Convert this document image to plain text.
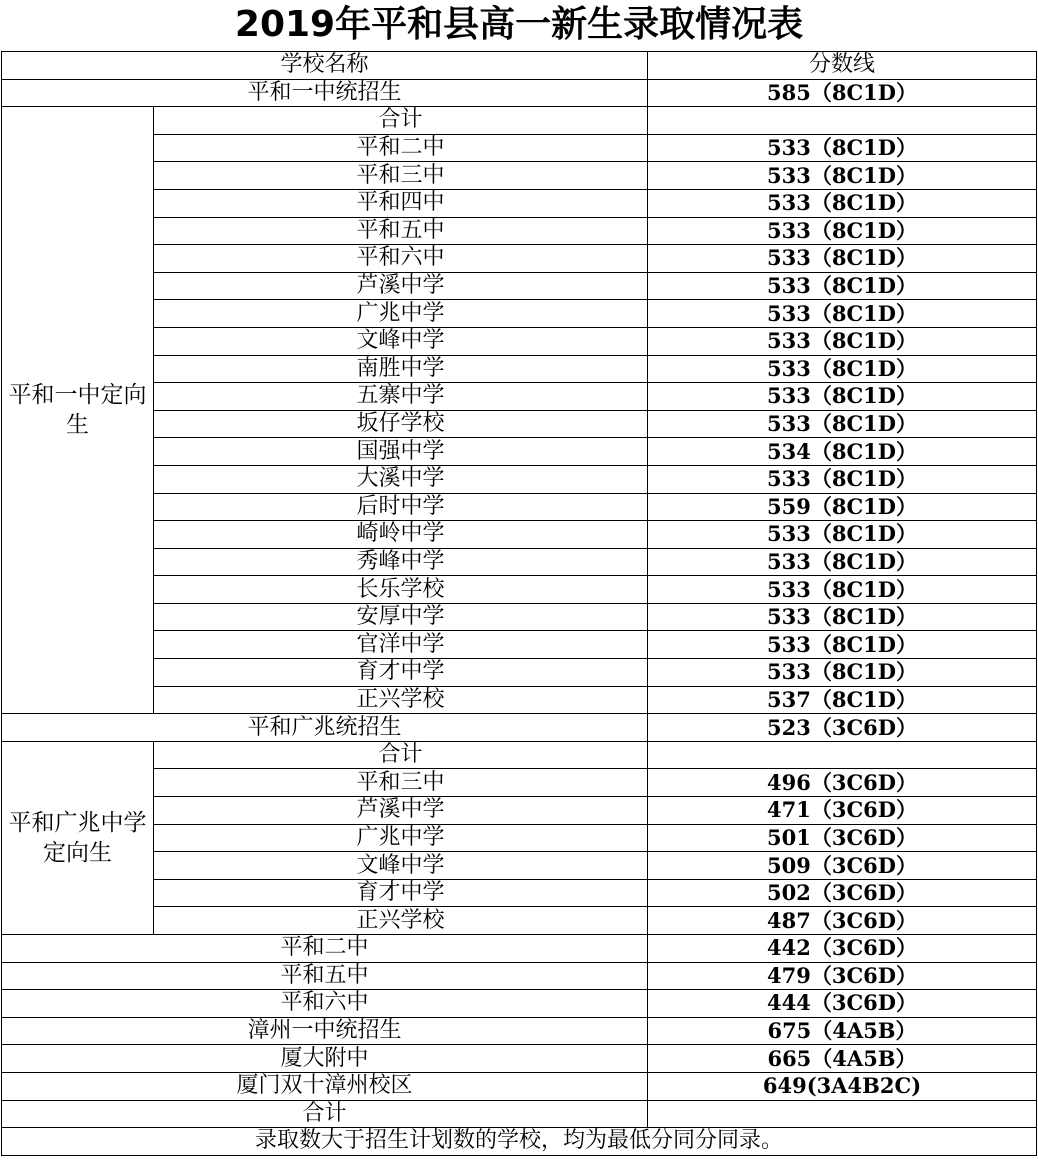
2019年平和县高一新生录取情况表
学校名称		分数线
平和一中统招生		585（8C1D）
平和一中定向生	合计	
	平和二中	533（8C1D）
	平和三中	533（8C1D）
	平和四中	533（8C1D）
	平和五中	533（8C1D）
	平和六中	533（8C1D）
	芦溪中学	533（8C1D）
	广兆中学	533（8C1D）
	文峰中学	533（8C1D）
	南胜中学	533（8C1D）
	五寨中学	533（8C1D）
	坂仔学校	533（8C1D）
	国强中学	534（8C1D）
	大溪中学	533（8C1D）
	后时中学	559（8C1D）
	崎岭中学	533（8C1D）
	秀峰中学	533（8C1D）
	长乐学校	533（8C1D）
	安厚中学	533（8C1D）
	官洋中学	533（8C1D）
	育才中学	533（8C1D）
	正兴学校	537（8C1D）
平和广兆统招生		523（3C6D）
平和广兆中学定向生	合计	
	平和三中	496（3C6D）
	芦溪中学	471（3C6D）
	广兆中学	501（3C6D）
	文峰中学	509（3C6D）
	育才中学	502（3C6D）
	正兴学校	487（3C6D）
平和二中		442（3C6D）
平和五中		479（3C6D）
平和六中		444（3C6D）
漳州一中统招生		675（4A5B）
厦大附中		665（4A5B）
厦门双十漳州校区		649(3A4B2C)
合计		
录取数大于招生计划数的学校，均为最低分同分同录。		
